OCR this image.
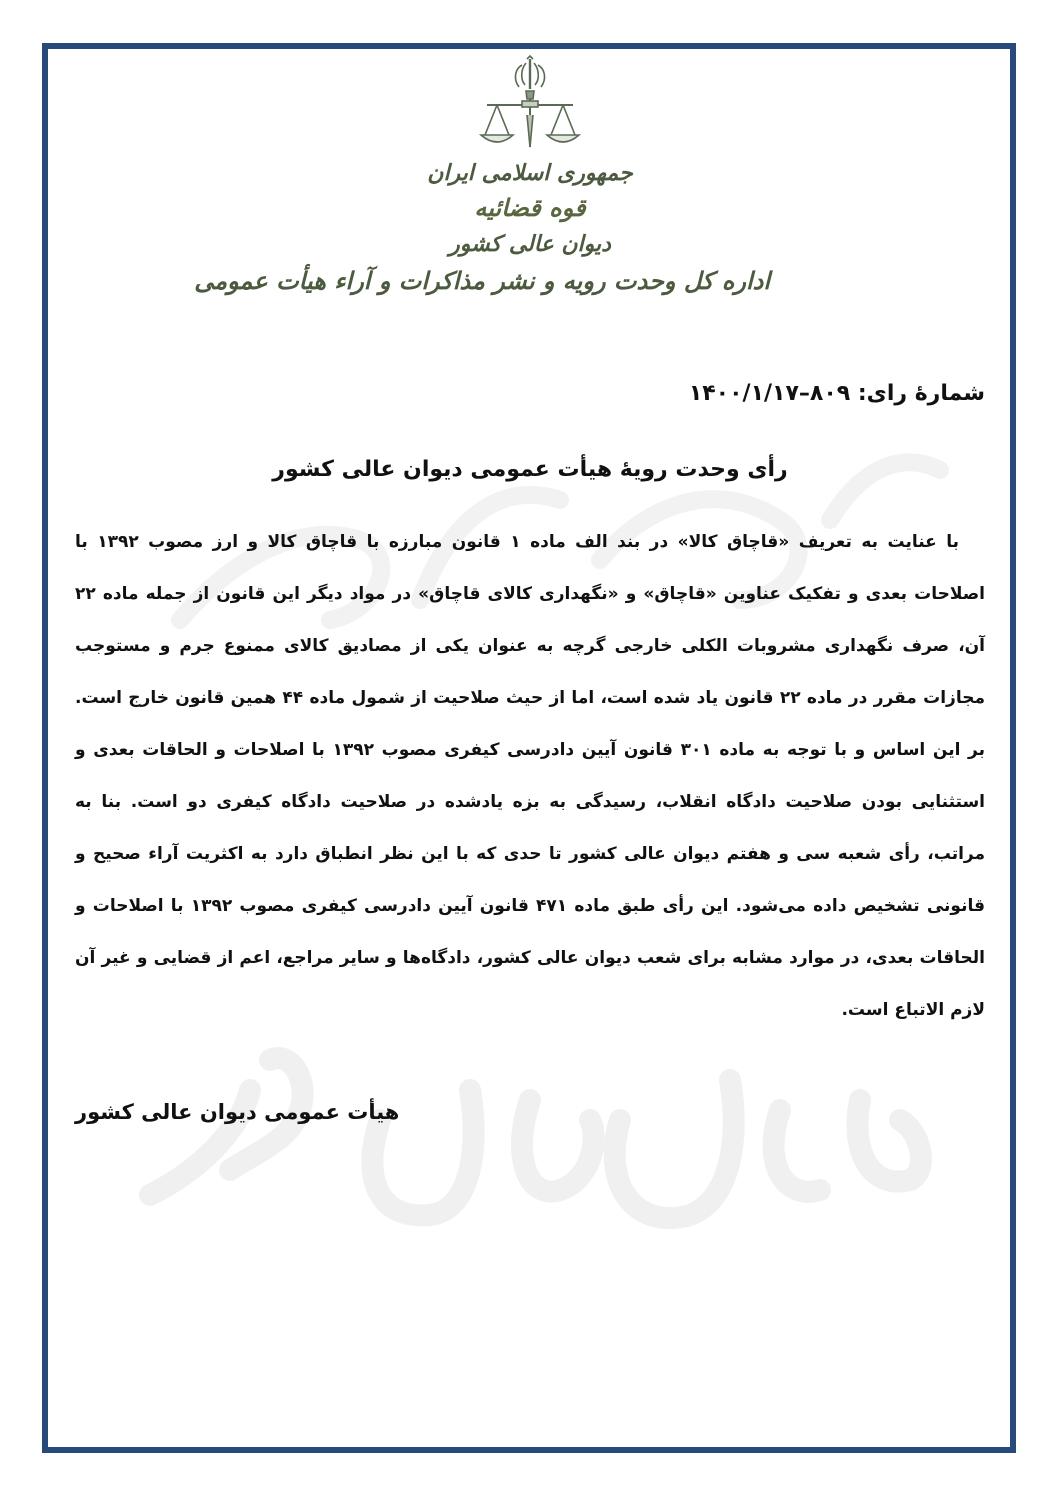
جمهوری اسلامی ایران
قوه قضائیه
دیوان عالی کشور
اداره کل وحدت رویه و نشر مذاکرات و آراء هیأت عمومی
شمارهٔ رای: ۸۰۹–۱۴۰۰/۱/۱۷
رأی وحدت رویهٔ هیأت عمومی دیوان عالی کشور
با عنایت به تعریف «قاچاق کالا» در بند الف ماده ۱ قانون مبارزه با قاچاق کالا و ارز مصوب ۱۳۹۲ با اصلاحات بعدی و تفکیک عناوین «قاچاق» و «نگهداری کالای قاچاق» در مواد دیگر این قانون از جمله ماده ۲۲ آن، صرف نگهداری مشروبات الکلی خارجی گرچه به عنوان یکی از مصادیق کالای ممنوع جرم و مستوجب مجازات مقرر در ماده ۲۲ قانون یاد شده است، اما از حیث صلاحیت از شمول ماده ۴۴ همین قانون خارج است. بر این اساس و با توجه به ماده ۳۰۱ قانون آیین دادرسی کیفری مصوب ۱۳۹۲ با اصلاحات و الحاقات بعدی و استثنایی بودن صلاحیت دادگاه انقلاب، رسیدگی به بزه یادشده در صلاحیت دادگاه کیفری دو است. بنا به مراتب، رأی شعبه سی و هفتم دیوان عالی کشور تا حدی که با این نظر انطباق دارد به اکثریت آراء صحیح و قانونی تشخیص داده می‌شود. این رأی طبق ماده ۴۷۱ قانون آیین دادرسی کیفری مصوب ۱۳۹۲ با اصلاحات و الحاقات بعدی، در موارد مشابه برای شعب دیوان عالی کشور، دادگاه‌ها و سایر مراجع، اعم از قضایی و غیر آن لازم الاتباع است.
هیأت عمومی دیوان عالی کشور
